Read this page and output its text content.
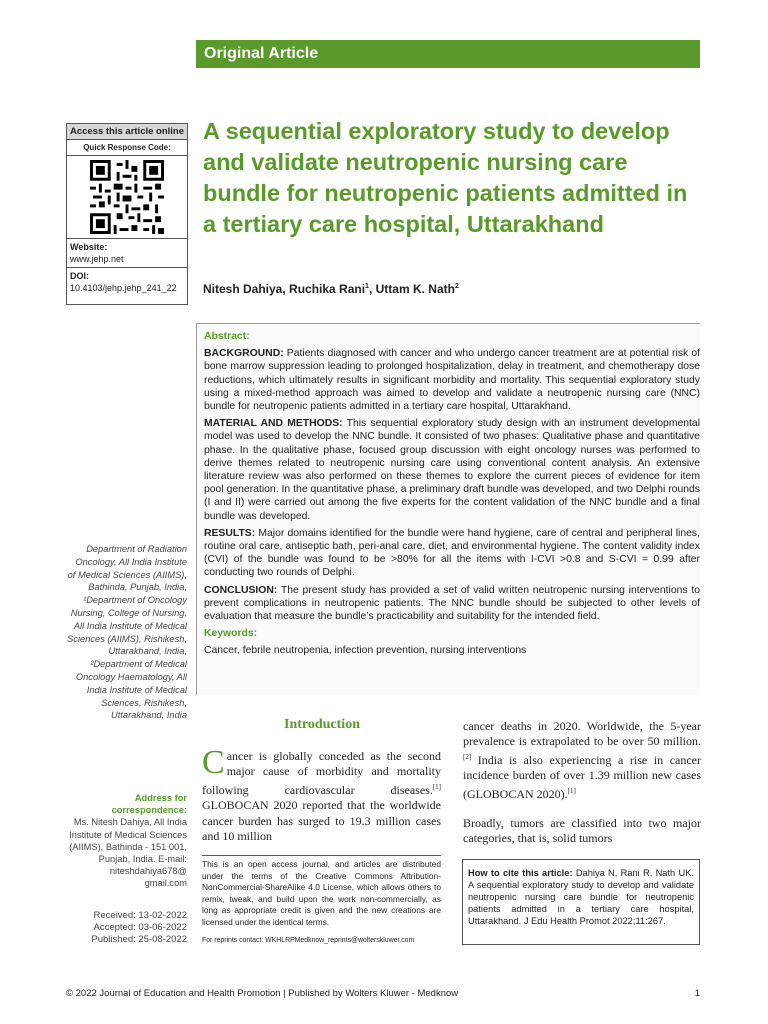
Original Article
Access this article online
Quick Response Code:
Website:
www.jehp.net
DOI:
10.4103/jehp.jehp_241_22
A sequential exploratory study to develop and validate neutropenic nursing care bundle for neutropenic patients admitted in a tertiary care hospital, Uttarakhand
Nitesh Dahiya, Ruchika Rani$^1$, Uttam K. Nath$^2$

Abstract:

BACKGROUND: Patients diagnosed with cancer and who undergo cancer treatment are at potential risk of bone marrow suppression leading to prolonged hospitalization, delay in treatment, and chemotherapy dose reductions, which ultimately results in significant morbidity and mortality. This sequential exploratory study using a mixed-method approach was aimed to develop and validate a neutropenic nursing care (NNC) bundle for neutropenic patients admitted in a tertiary care hospital, Uttarakhand.

MATERIAL AND METHODS: This sequential exploratory study design with an instrument developmental model was used to develop the NNC bundle. It consisted of two phases: Qualitative phase and quantitative phase. In the qualitative phase, focused group discussion with eight oncology nurses was performed to derive themes related to neutropenic nursing care using conventional content analysis. An extensive literature review was also performed on these themes to explore the current pieces of evidence for item pool generation. In the quantitative phase, a preliminary draft bundle was developed, and two Delphi rounds (I and II) were carried out among the five experts for the content validation of the NNC bundle and a final bundle was developed.

RESULTS: Major domains identified for the bundle were hand hygiene, care of central and peripheral lines, routine oral care, antiseptic bath, peri-anal care, diet, and environmental hygiene. The content validity index (CVI) of the bundle was found to be >80% for all the items with I-CVI >0.8 and S-CVI = 0.99 after conducting two rounds of Delphi.

CONCLUSION: The present study has provided a set of valid written neutropenic nursing interventions to prevent complications in neutropenic patients. The NNC bundle should be subjected to other levels of evaluation that measure the bundle’s practicability and suitability for the intended field.

Keywords:

Cancer, febrile neutropenia, infection prevention, nursing interventions

Department of Radiation Oncology, All India Institute of Medical Sciences (AIIMS), Bathinda, Punjab, India, ¹Department of Oncology Nursing, College of Nursing, All India Institute of Medical Sciences (AIIMS), Rishikesh, Uttarakhand, India, ²Department of Medical Oncology Haematology, All India Institute of Medical Sciences, Rishikesh, Uttarakhand, India
Address for correspondence:
Ms. Nitesh Dahiya, All India Institute of Medical Sciences (AIIMS), Bathinda - 151 001, Punjab, India. E-mail: niteshdahiya678@ gmail.com
Received: 13-02-2022
Accepted: 03-06-2022
Published: 25-08-2022
Introduction
Cancer is globally conceded as the second major cause of morbidity and mortality following cardiovascular diseases.[1] GLOBOCAN 2020 reported that the worldwide cancer burden has surged to 19.3 million cases and 10 million

cancer deaths in 2020. Worldwide, the 5-year prevalence is extrapolated to be over 50 million.[2] India is also experiencing a rise in cancer incidence burden of over 1.39 million new cases (GLOBOCAN 2020).[1]

Broadly, tumors are classified into two major categories, that is, solid tumors

This is an open access journal, and articles are distributed under the terms of the Creative Commons Attribution-NonCommercial-ShareAlike 4.0 License, which allows others to remix, tweak, and build upon the work non-commercially, as long as appropriate credit is given and the new creations are licensed under the identical terms.
For reprints contact: WKHLRPMedknow_reprints@wolterskluwer.com
How to cite this article: Dahiya N, Rani R, Nath UK. A sequential exploratory study to develop and validate neutropenic nursing care bundle for neutropenic patients admitted in a tertiary care hospital, Uttarakhand. J Edu Health Promot 2022;11:267.
© 2022 Journal of Education and Health Promotion | Published by Wolters Kluwer - Medknow	1
